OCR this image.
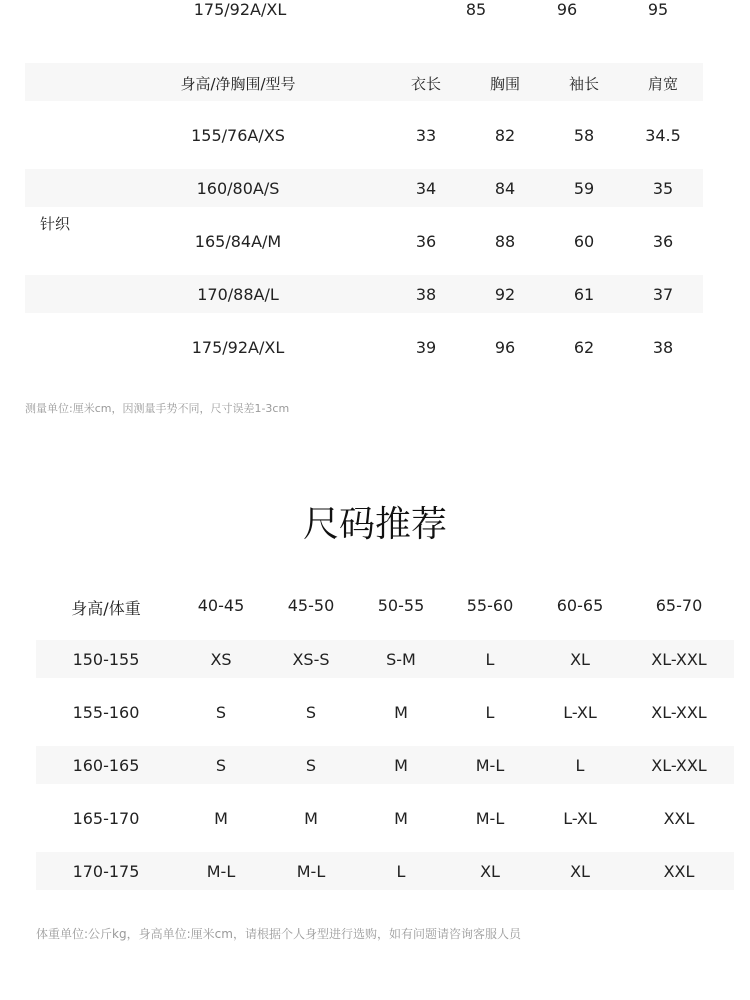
175/92A/XL	85	96	95
身高/净胸围/型号	衣长	胸围	袖长	肩宽
针织
155/76A/XS	33	82	58	34.5
160/80A/S	34	84	59	35
165/84A/M	36	88	60	36
170/88A/L	38	92	61	37
175/92A/XL	39	96	62	38
测量单位:厘米cm，因测量手势不同，尺寸误差1-3cm
尺码推荐
身高/体重	40-45	45-50	50-55	55-60	60-65	65-70
150-155	XS	XS-S	S-M	L	XL	XL-XXL
155-160	S	S	M	L	L-XL	XL-XXL
160-165	S	S	M	M-L	L	XL-XXL
165-170	M	M	M	M-L	L-XL	XXL
170-175	M-L	M-L	L	XL	XL	XXL
体重单位:公斤kg，身高单位:厘米cm，请根据个人身型进行选购，如有问题请咨询客服人员
